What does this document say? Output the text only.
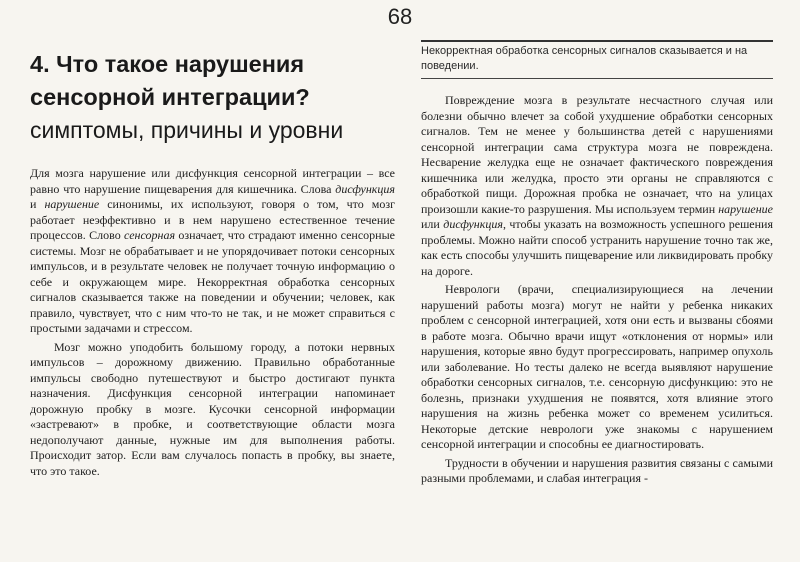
68
4. Что такое нарушения сенсорной интеграции?
симптомы, причины и уровни

Для мозга нарушение или дисфункция сенсорной интеграции – все равно что нарушение пищеварения для кишечника. Слова дисфункция и нарушение синонимы, их используют, говоря о том, что мозг работает неэффективно и в нем нарушено естественное течение процессов. Слово сенсорная означает, что страдают именно сенсорные системы. Мозг не обрабатывает и не упорядочивает потоки сенсорных импульсов, и в результате человек не получает точную информацию о себе и окружающем мире. Некорректная обработка сенсорных сигналов сказывается также на поведении и обучении; человек, как правило, чувствует, что с ним что-то не так, и не может справиться с простыми задачами и стрессом.

Мозг можно уподобить большому городу, а потоки нервных импульсов – дорожному движению. Правильно обработанные импульсы свободно путешествуют и быстро достигают пункта назначения. Дисфункция сенсорной интеграции напоминает дорожную пробку в мозге. Кусочки сенсорной информации «застревают» в пробке, и соответствующие области мозга недополучают данные, нужные им для выполнения работы. Происходит затор. Если вам случалось попасть в пробку, вы знаете, что это такое.

Некорректная обработка сенсорных сигналов сказывается и на поведении.

Повреждение мозга в результате несчастного случая или болезни обычно влечет за собой ухудшение обработки сенсорных сигналов. Тем не менее у большинства детей с нарушениями сенсорной интеграции сама структура мозга не повреждена. Несварение желудка еще не означает фактического повреждения кишечника или желудка, просто эти органы не справляются с обработкой пищи. Дорожная пробка не означает, что на улицах произошли какие-то разрушения. Мы используем термин нарушение или дисфункция, чтобы указать на возможность успешного решения проблемы. Можно найти способ устранить нарушение точно так же, как есть способы улучшить пищеварение или ликвидировать пробку на дороге.

Неврологи (врачи, специализирующиеся на лечении нарушений работы мозга) могут не найти у ребенка никаких проблем с сенсорной интеграцией, хотя они есть и вызваны сбоями в работе мозга. Обычно врачи ищут «отклонения от нормы» или нарушения, которые явно будут прогрессировать, например опухоль или заболевание. Но тесты далеко не всегда выявляют нарушение обработки сенсорных сигналов, т.е. сенсорную дисфункцию: это не болезнь, признаки ухудшения не появятся, хотя влияние этого нарушения на жизнь ребенка может со временем усилиться. Некоторые детские неврологи уже знакомы с нарушением сенсорной интеграции и способны ее диагностировать.

Трудности в обучении и нарушения развития связаны с самыми разными проблемами, и слабая интеграция -
